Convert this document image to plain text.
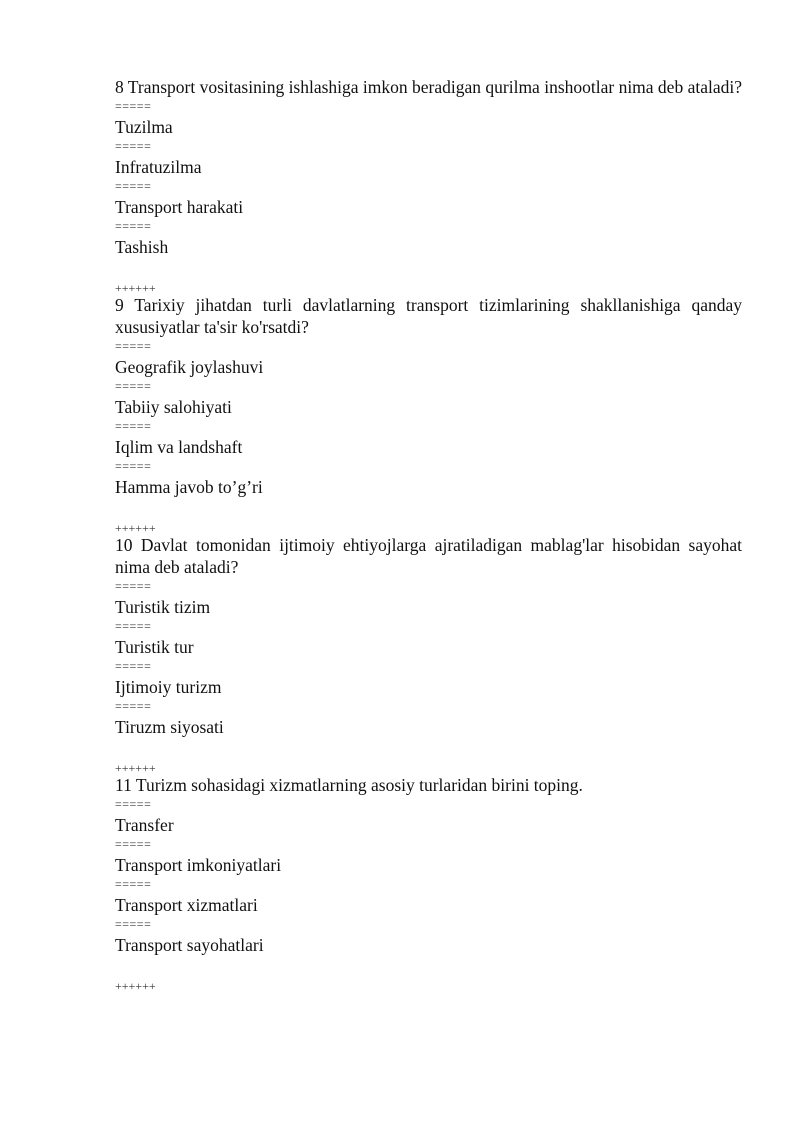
8 Transport vositasining ishlashiga imkon beradigan qurilma inshootlar nima deb ataladi?

=====

Tuzilma

=====

Infratuzilma

=====

Transport harakati

=====

Tashish

++++++

9 Tarixiy jihatdan turli davlatlarning transport tizimlarining shakllanishiga qanday xususiyatlar ta'sir ko'rsatdi?

=====

Geografik joylashuvi

=====

Tabiiy salohiyati

=====

Iqlim va landshaft

=====

Hamma javob to’g’ri

++++++

10 Davlat tomonidan ijtimoiy ehtiyojlarga ajratiladigan mablag'lar hisobidan sayohat nima deb ataladi?

=====

Turistik tizim

=====

Turistik tur

=====

Ijtimoiy turizm

=====

Tiruzm siyosati

++++++

11 Turizm sohasidagi xizmatlarning asosiy turlaridan birini toping.

=====

Transfer

=====

Transport imkoniyatlari

=====

Transport xizmatlari

=====

Transport sayohatlari

++++++
